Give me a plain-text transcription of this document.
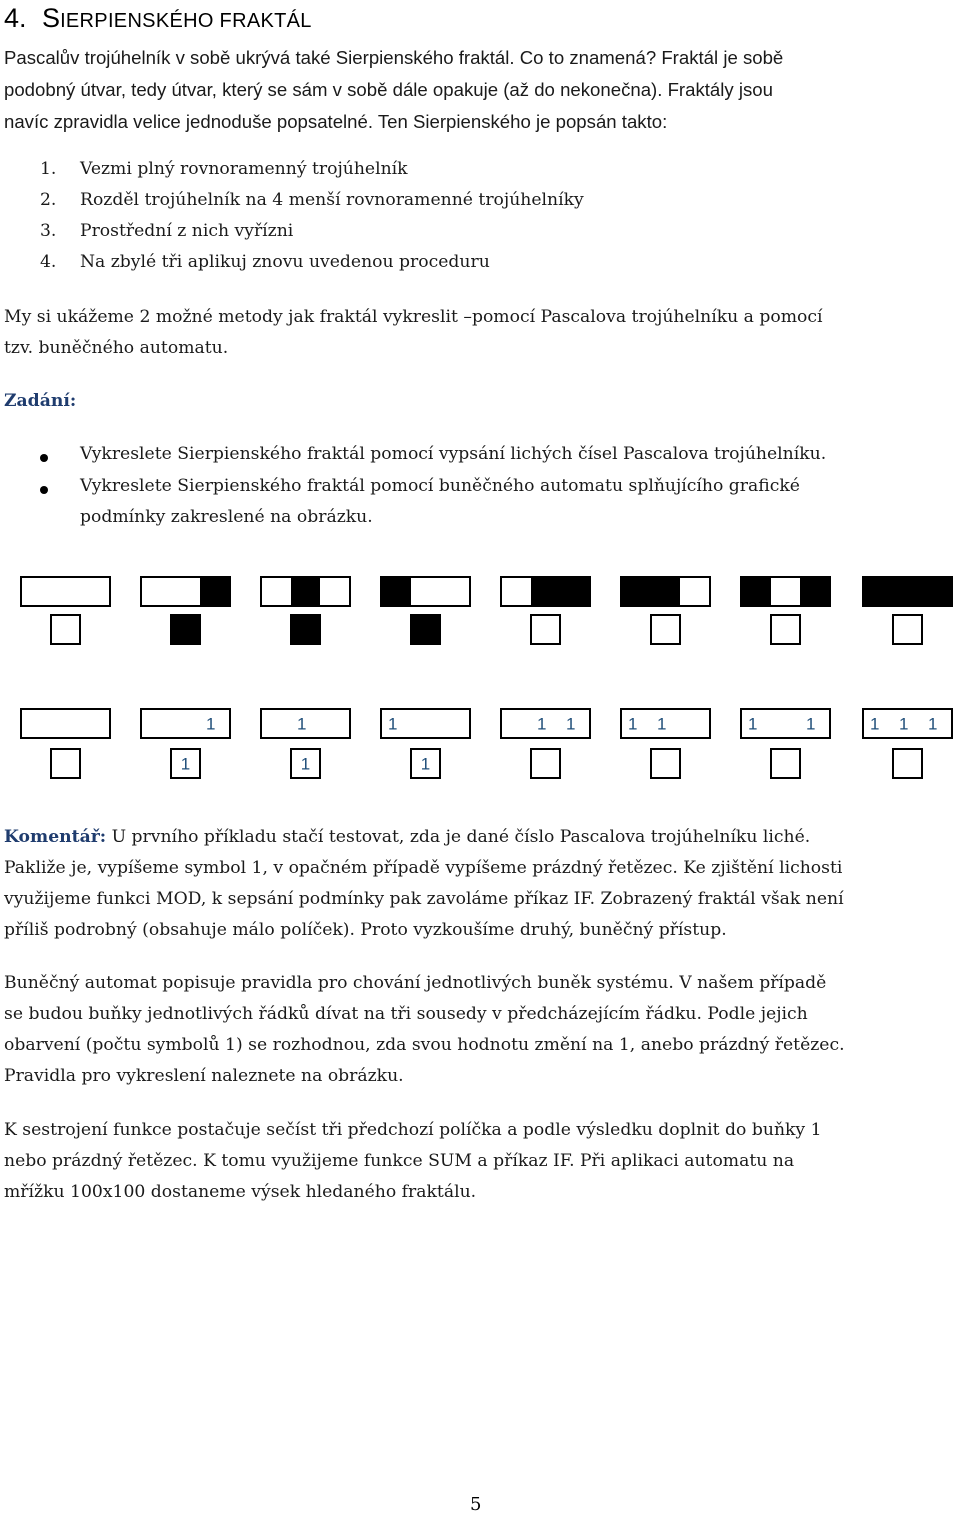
4. SIERPIENSKÉHO FRAKTÁL
Pascalův trojúhelník v sobě ukrývá také Sierpienského fraktál. Co to znamená? Fraktál je sobě
podobný útvar, tedy útvar, který se sám v sobě dále opakuje (až do nekonečna). Fraktály jsou
navíc zpravidla velice jednoduše popsatelné. Ten Sierpienského je popsán takto:
1. Vezmi plný rovnoramenný trojúhelník
2. Rozděl trojúhelník na 4 menší rovnoramenné trojúhelníky
3. Prostřední z nich vyřízni
4. Na zbylé tři aplikuj znovu uvedenou proceduru
My si ukážeme 2 možné metody jak fraktál vykreslit –pomocí Pascalova trojúhelníku a pomocí
tzv. buněčného automatu.
Zadání:
Vykreslete Sierpienského fraktál pomocí vypsání lichých čísel Pascalova trojúhelníku.
Vykreslete Sierpienského fraktál pomocí buněčného automatu splňujícího grafické
podmínky zakreslené na obrázku.
1
1
1
1
1
1
1 1	1 1	1	1	1 1 1
Komentář: U prvního příkladu stačí testovat, zda je dané číslo Pascalova trojúhelníku liché.
Pakliže je, vypíšeme symbol 1, v opačném případě vypíšeme prázdný řetězec. Ke zjištění lichosti
využijeme funkci MOD, k sepsání podmínky pak zavoláme příkaz IF. Zobrazený fraktál však není
příliš podrobný (obsahuje málo políček). Proto vyzkoušíme druhý, buněčný přístup.
Buněčný automat popisuje pravidla pro chování jednotlivých buněk systému. V našem případě
se budou buňky jednotlivých řádků dívat na tři sousedy v předcházejícím řádku. Podle jejich
obarvení (počtu symbolů 1) se rozhodnou, zda svou hodnotu změní na 1, anebo prázdný řetězec.
Pravidla pro vykreslení naleznete na obrázku.
K sestrojení funkce postačuje sečíst tři předchozí políčka a podle výsledku doplnit do buňky 1
nebo prázdný řetězec. K tomu využijeme funkce SUM a příkaz IF. Při aplikaci automatu na
mřížku 100x100 dostaneme výsek hledaného fraktálu.
5
